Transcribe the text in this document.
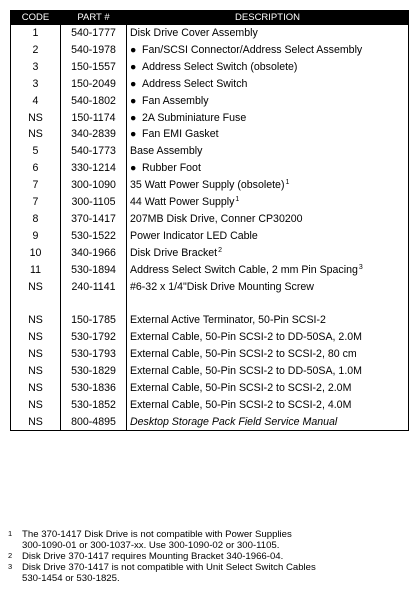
CODE	PART #	DESCRIPTION
1	540-1777	Disk Drive Cover Assembly
2	540-1978	● Fan/SCSI Connector/Address Select Assembly
3	150-1557	● Address Select Switch (obsolete)
3	150-2049	● Address Select Switch
4	540-1802	● Fan Assembly
NS	150-1174	● 2A Subminiature Fuse
NS	340-2839	● Fan EMI Gasket
5	540-1773	Base Assembly
6	330-1214	● Rubber Foot
7	300-1090	35 Watt Power Supply (obsolete)$^1$
7	300-1105	44 Watt Power Supply$^1$
8	370-1417	207MB Disk Drive, Conner CP30200
9	530-1522	Power Indicator LED Cable
10	340-1966	Disk Drive Bracket$^2$
11	530-1894	Address Select Switch Cable, 2 mm Pin Spacing$^3$
NS	240-1141	#6-32 x 1/4"Disk Drive Mounting Screw

NS	150-1785	External Active Terminator, 50-Pin SCSI-2
NS	530-1792	External Cable, 50-Pin SCSI-2 to DD-50SA, 2.0M
NS	530-1793	External Cable, 50-Pin SCSI-2 to SCSI-2, 80 cm
NS	530-1829	External Cable, 50-Pin SCSI-2 to DD-50SA, 1.0M
NS	530-1836	External Cable, 50-Pin SCSI-2 to SCSI-2, 2.0M
NS	530-1852	External Cable, 50-Pin SCSI-2 to SCSI-2, 4.0M
NS	800-4895	Desktop Storage Pack Field Service Manual
1 The 370-1417 Disk Drive is not compatible with Power Supplies
300-1090-01 or 300-1037-xx. Use 300-1090-02 or 300-1105.
2 Disk Drive 370-1417 requires Mounting Bracket 340-1966-04.
3 Disk Drive 370-1417 is not compatible with Unit Select Switch Cables
530-1454 or 530-1825.
